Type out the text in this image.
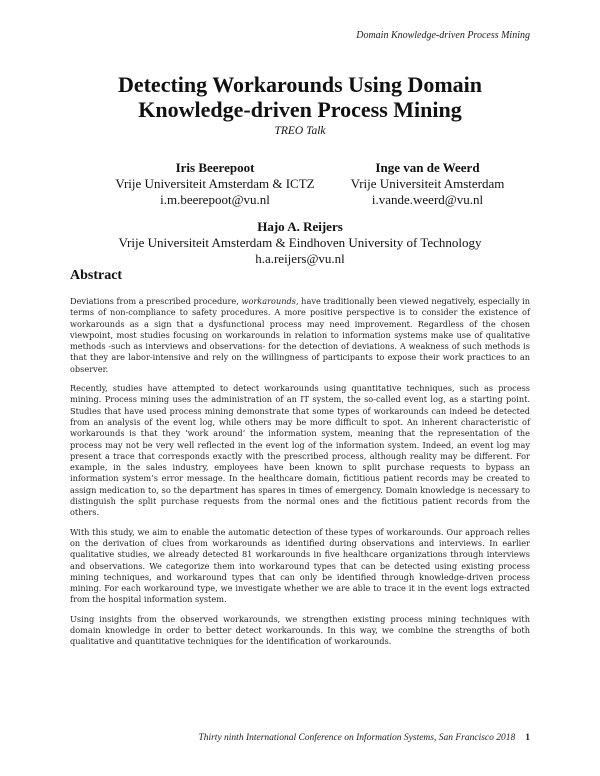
Domain Knowledge-driven Process Mining
Detecting Workarounds Using Domain Knowledge-driven Process Mining
TREO Talk
Iris Beerepoot
Vrije Universiteit Amsterdam & ICTZ
i.m.beerepoot@vu.nl
Inge van de Weerd
Vrije Universiteit Amsterdam
i.vande.weerd@vu.nl
Hajo A. Reijers
Vrije Universiteit Amsterdam & Eindhoven University of Technology
h.a.reijers@vu.nl
Abstract

Deviations from a prescribed procedure, workarounds, have traditionally been viewed negatively, especially in terms of non-compliance to safety procedures. A more positive perspective is to consider the existence of workarounds as a sign that a dysfunctional process may need improvement. Regardless of the chosen viewpoint, most studies focusing on workarounds in relation to information systems make use of qualitative methods -such as interviews and observations- for the detection of deviations. A weakness of such methods is that they are labor-intensive and rely on the willingness of participants to expose their work practices to an observer.

Recently, studies have attempted to detect workarounds using quantitative techniques, such as process mining. Process mining uses the administration of an IT system, the so-called event log, as a starting point. Studies that have used process mining demonstrate that some types of workarounds can indeed be detected from an analysis of the event log, while others may be more difficult to spot. An inherent characteristic of workarounds is that they ‘work around’ the information system, meaning that the representation of the process may not be very well reflected in the event log of the information system. Indeed, an event log may present a trace that corresponds exactly with the prescribed process, although reality may be different. For example, in the sales industry, employees have been known to split purchase requests to bypass an information system’s error message. In the healthcare domain, fictitious patient records may be created to assign medication to, so the department has spares in times of emergency. Domain knowledge is necessary to distinguish the split purchase requests from the normal ones and the fictitious patient records from the others.

With this study, we aim to enable the automatic detection of these types of workarounds. Our approach relies on the derivation of clues from workarounds as identified during observations and interviews. In earlier qualitative studies, we already detected 81 workarounds in five healthcare organizations through interviews and observations. We categorize them into workaround types that can be detected using existing process mining techniques, and workaround types that can only be identified through knowledge-driven process mining. For each workaround type, we investigate whether we are able to trace it in the event logs extracted from the hospital information system.

Using insights from the observed workarounds, we strengthen existing process mining techniques with domain knowledge in order to better detect workarounds. In this way, we combine the strengths of both qualitative and quantitative techniques for the identification of workarounds.

Thirty ninth International Conference on Information Systems, San Francisco 2018 1
